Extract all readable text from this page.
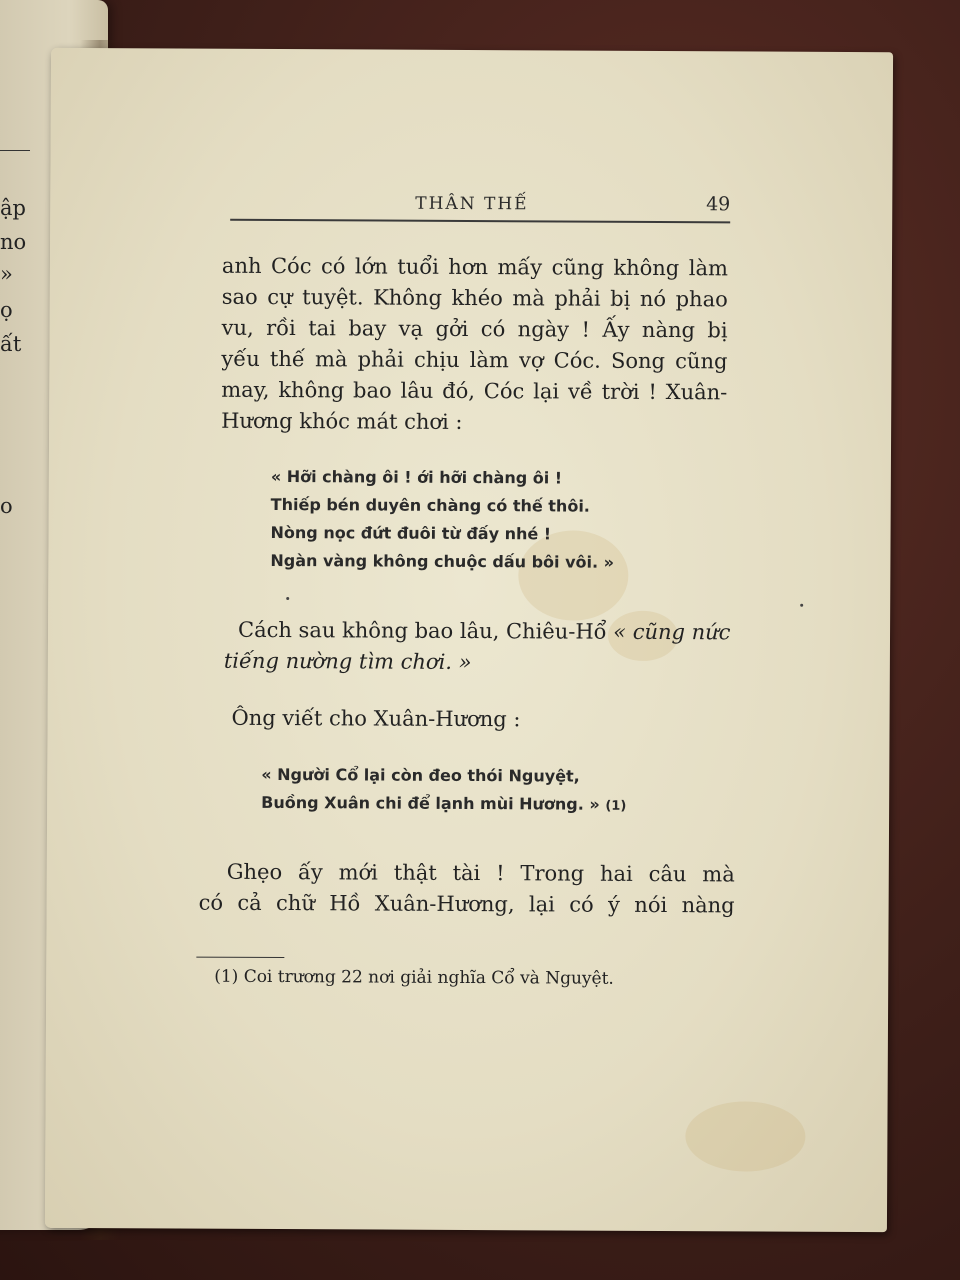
ập
no
»
ọ
ất
o
THÂN THẾ	49
anh Cóc có lớn tuổi hơn mấy cũng không làm
sao cự tuyệt. Không khéo mà phải bị nó phao
vu, rồi tai bay vạ gởi có ngày ! Ấy nàng bị
yếu thế mà phải chịu làm vợ Cóc. Song cũng
may, không bao lâu đó, Cóc lại về trời ! Xuân-
Hương khóc mát chơi :
« Hỡi chàng ôi ! ới hỡi chàng ôi !
Thiếp bén duyên chàng có thế thôi.
Nòng nọc đứt đuôi từ đấy nhé !
Ngàn vàng không chuộc dấu bôi vôi. »
Cách sau không bao lâu, Chiêu-Hổ « cũng nức
tiếng nường tìm chơi. »
Ông viết cho Xuân-Hương :
« Người Cổ lại còn đeo thói Nguyệt,
Buồng Xuân chi để lạnh mùi Hương. » (1)
Ghẹo ấy mới thật tài ! Trong hai câu mà
có cả chữ Hồ Xuân-Hương, lại có ý nói nàng
(1) Coi trương 22 nơi giải nghĩa Cổ và Nguyệt.
